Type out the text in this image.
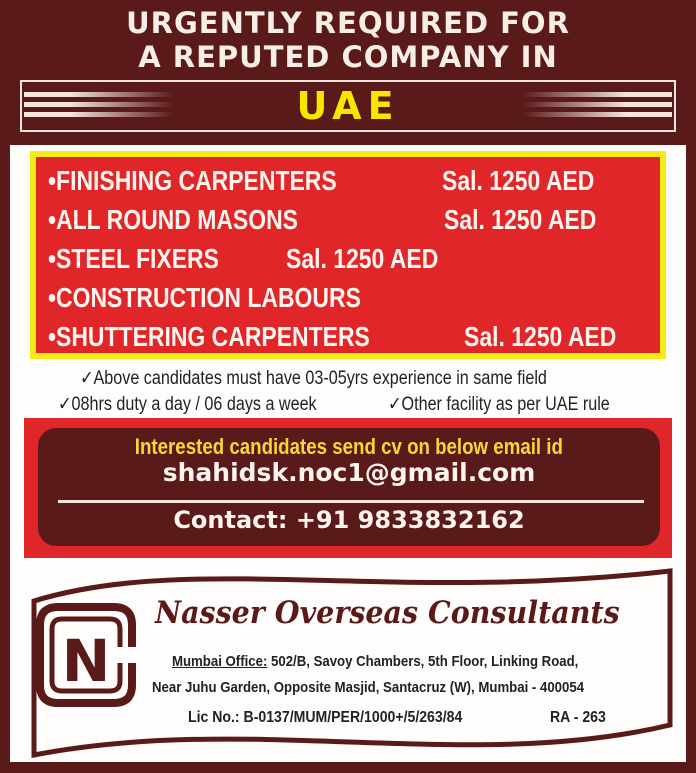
URGENTLY REQUIRED FOR
A REPUTED COMPANY IN
UAE
•FINISHING CARPENTERS	Sal. 1250 AED
•ALL ROUND MASONS	Sal. 1250 AED
•STEEL FIXERS Sal. 1250 AED
•CONSTRUCTION LABOURS
•SHUTTERING CARPENTERS	Sal. 1250 AED
✓Above candidates must have 03-05yrs experience in same field
✓08hrs duty a day / 06 days a week	✓Other facility as per UAE rule
Interested candidates send cv on below email id
shahidsk.noc1@gmail.com
Contact: +91 9833832162
N
Nasser Overseas Consultants
Mumbai Office: 502/B, Savoy Chambers, 5th Floor, Linking Road,
Near Juhu Garden, Opposite Masjid, Santacruz (W), Mumbai - 400054
Lic No.: B-0137/MUM/PER/1000+/5/263/84	RA - 263
